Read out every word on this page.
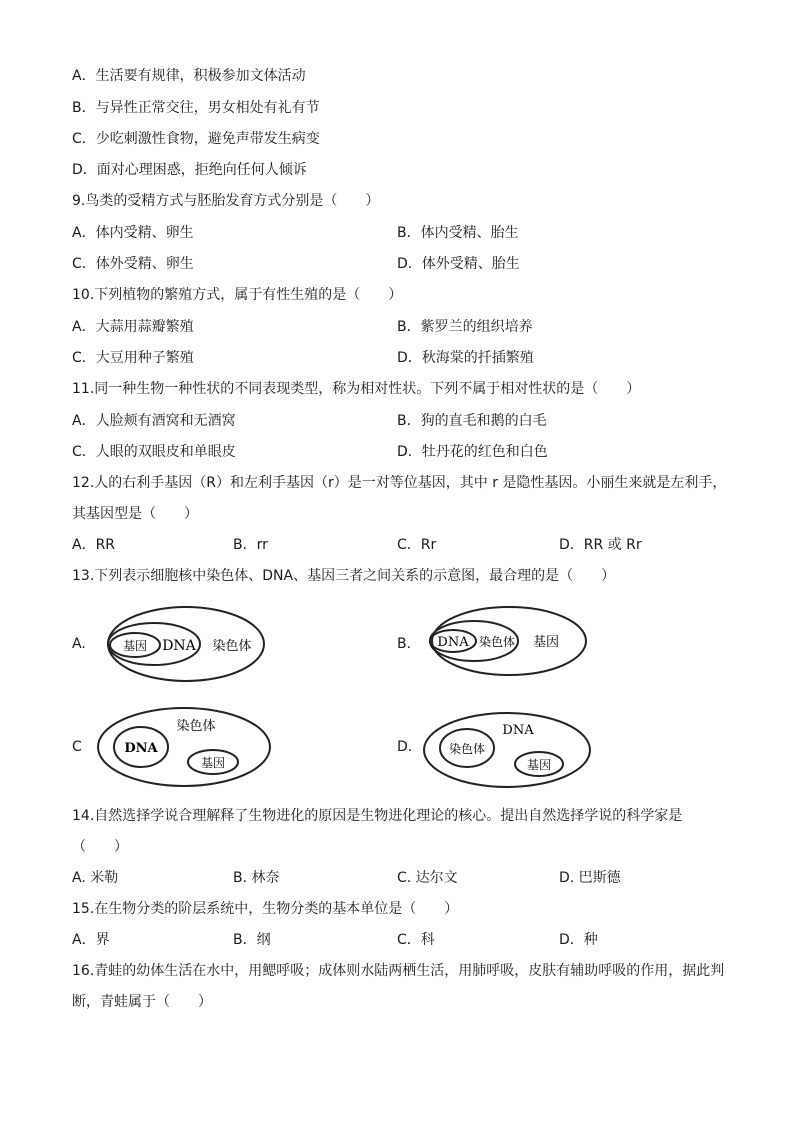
A．生活要有规律，积极参加文体活动
B．与异性正常交往，男女相处有礼有节
C．少吃刺激性食物，避免声带发生病变
D．面对心理困惑，拒绝向任何人倾诉
9.鸟类的受精方式与胚胎发育方式分别是（　　）
A．体内受精、卵生	B．体内受精、胎生
C．体外受精、卵生	D．体外受精、胎生
10.下列植物的繁殖方式，属于有性生殖的是（　　）
A．大蒜用蒜瓣繁殖	B．紫罗兰的组织培养
C．大豆用种子繁殖	D．秋海棠的扦插繁殖
11.同一种生物一种性状的不同表现类型，称为相对性状。下列不属于相对性状的是（　　）
A．人脸颊有酒窝和无酒窝	B．狗的直毛和鹅的白毛
C．人眼的双眼皮和单眼皮	D．牡丹花的红色和白色
12.人的右利手基因（R）和左利手基因（r）是一对等位基因，其中 r 是隐性基因。小丽生来就是左利手，
其基因型是（　　）
A．RR	B．rr	C．Rr	D．RR 或 Rr
13.下列表示细胞核中染色体、DNA、基因三者之间关系的示意图，最合理的是（　　）
A.	基因 DNA 染色体	B. DNA 染色体 基因
C	DNA
染色体
基因
D.	染色体
DNA
基因
14.自然选择学说合理解释了生物进化的原因是生物进化理论的核心。提出自然选择学说的科学家是
（　　）
A. 米勒	B. 林奈	C. 达尔文	D. 巴斯德
15.在生物分类的阶层系统中，生物分类的基本单位是（　　）
A．界	B．纲	C．科	D．种
16.青蛙的幼体生活在水中，用鳃呼吸；成体则水陆两栖生活，用肺呼吸，皮肤有辅助呼吸的作用，据此判
断，青蛙属于（　　）
